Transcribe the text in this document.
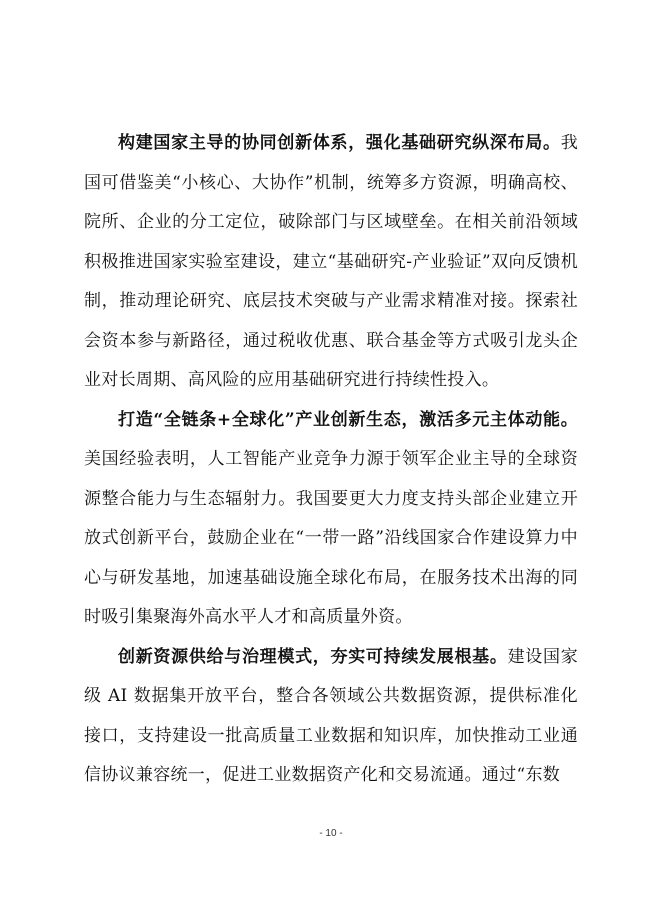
构建国家主导的协同创新体系，强化基础研究纵深布局。我国可借鉴美“小核心、大协作”机制，统筹多方资源，明确高校、院所、企业的分工定位，破除部门与区域壁垒。在相关前沿领域积极推进国家实验室建设，建立“基础研究-产业验证”双向反馈机制，推动理论研究、底层技术突破与产业需求精准对接。探索社会资本参与新路径，通过税收优惠、联合基金等方式吸引龙头企业对长周期、高风险的应用基础研究进行持续性投入。

打造“全链条+全球化”产业创新生态，激活多元主体动能。美国经验表明，人工智能产业竞争力源于领军企业主导的全球资源整合能力与生态辐射力。我国要更大力度支持头部企业建立开放式创新平台，鼓励企业在“一带一路”沿线国家合作建设算力中心与研发基地，加速基础设施全球化布局，在服务技术出海的同时吸引集聚海外高水平人才和高质量外资。

创新资源供给与治理模式，夯实可持续发展根基。建设国家级 AI 数据集开放平台，整合各领域公共数据资源，提供标准化接口，支持建设一批高质量工业数据和知识库，加快推动工业通信协议兼容统一，促进工业数据资产化和交易流通。通过“东数

- 10 -
